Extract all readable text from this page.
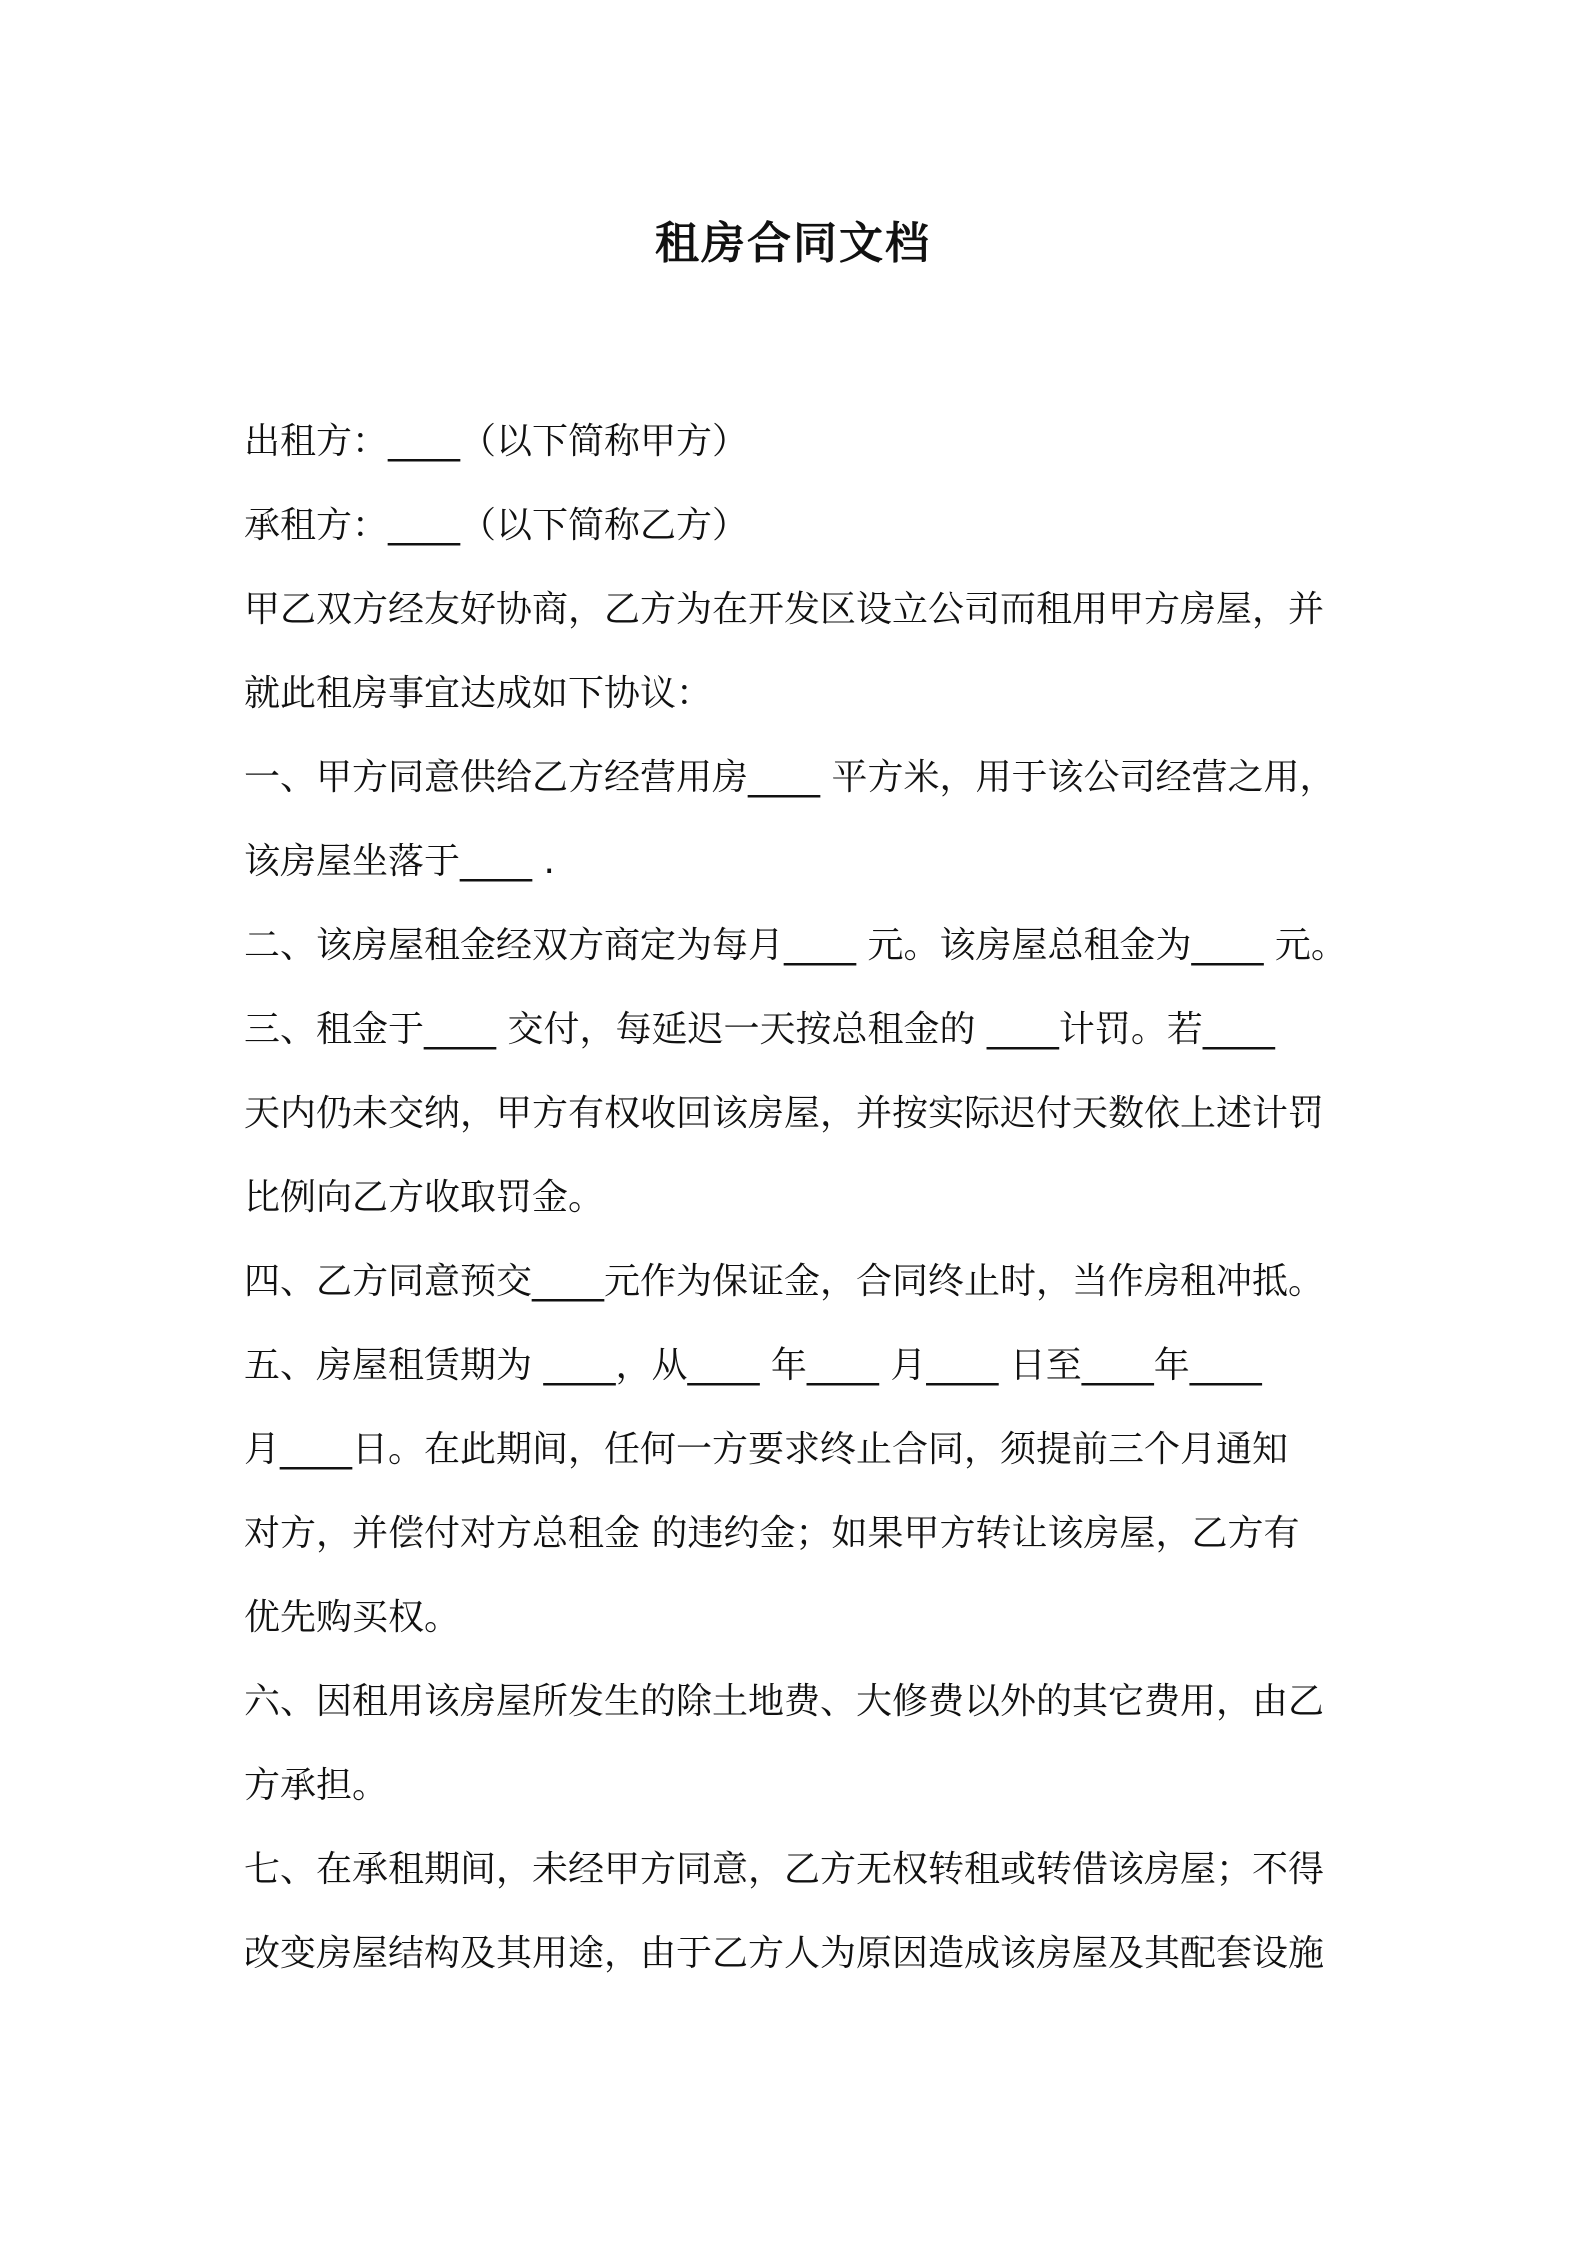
租房合同文档
出租方：____（以下简称甲方）
承租方：____（以下简称乙方）
甲乙双方经友好协商，乙方为在开发区设立公司而租用甲方房屋，并
就此租房事宜达成如下协议：
一、甲方同意供给乙方经营用房____ 平方米，用于该公司经营之用，
该房屋坐落于____ .
二、该房屋租金经双方商定为每月____ 元。该房屋总租金为____ 元。
三、租金于____ 交付，每延迟一天按总租金的 ____计罚。若____
天内仍未交纳，甲方有权收回该房屋，并按实际迟付天数依上述计罚
比例向乙方收取罚金。
四、乙方同意预交____元作为保证金，合同终止时，当作房租冲抵。
五、房屋租赁期为 ____，从____ 年____ 月____ 日至____年____
月____日。在此期间，任何一方要求终止合同，须提前三个月通知
对方，并偿付对方总租金 的违约金；如果甲方转让该房屋，乙方有
优先购买权。
六、因租用该房屋所发生的除土地费、大修费以外的其它费用，由乙
方承担。
七、在承租期间，未经甲方同意，乙方无权转租或转借该房屋；不得
改变房屋结构及其用途，由于乙方人为原因造成该房屋及其配套设施
